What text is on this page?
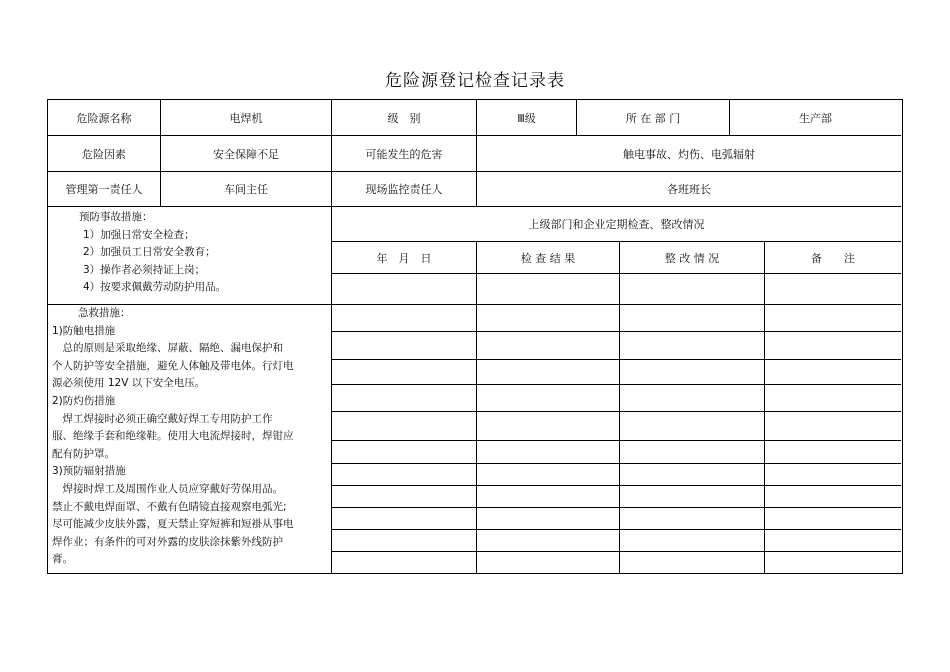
危险源登记检查记录表
危险源名称	电焊机	级　别	Ⅲ级	所 在 部 门	生产部
危险因素	安全保障不足	可能发生的危害	触电事故、灼伤、电弧辐射
管理第一责任人	车间主任	现场监控责任人	各班班长
上级部门和企业定期检查、整改情况
年　月　日	检 查 结 果	整 改 情 况	备　　注

预防事故措施：

1）加强日常安全检查；

2）加强员工日常安全教育；

3）操作者必须持证上岗；

4）按要求佩戴劳动防护用品。

急救措施：

1)防触电措施

　总的原则是采取绝缘、屏蔽、隔绝、漏电保护和

个人防护等安全措施，避免人体触及带电体。行灯电

源必须使用 12V 以下安全电压。

2)防灼伤措施

　焊工焊接时必须正确空戴好焊工专用防护工作

服、绝缘手套和绝缘鞋。使用大电流焊接时，焊钳应

配有防护罩。

3)预防辐射措施

　焊接时焊工及周围作业人员应穿戴好劳保用品。

禁止不戴电焊面罩、不戴有色睛镜直接观察电弧光;

尽可能减少皮肤外露，夏天禁止穿短裤和短褂从事电

焊作业；有条件的可对外露的皮肤涂抹紫外线防护

膏。
